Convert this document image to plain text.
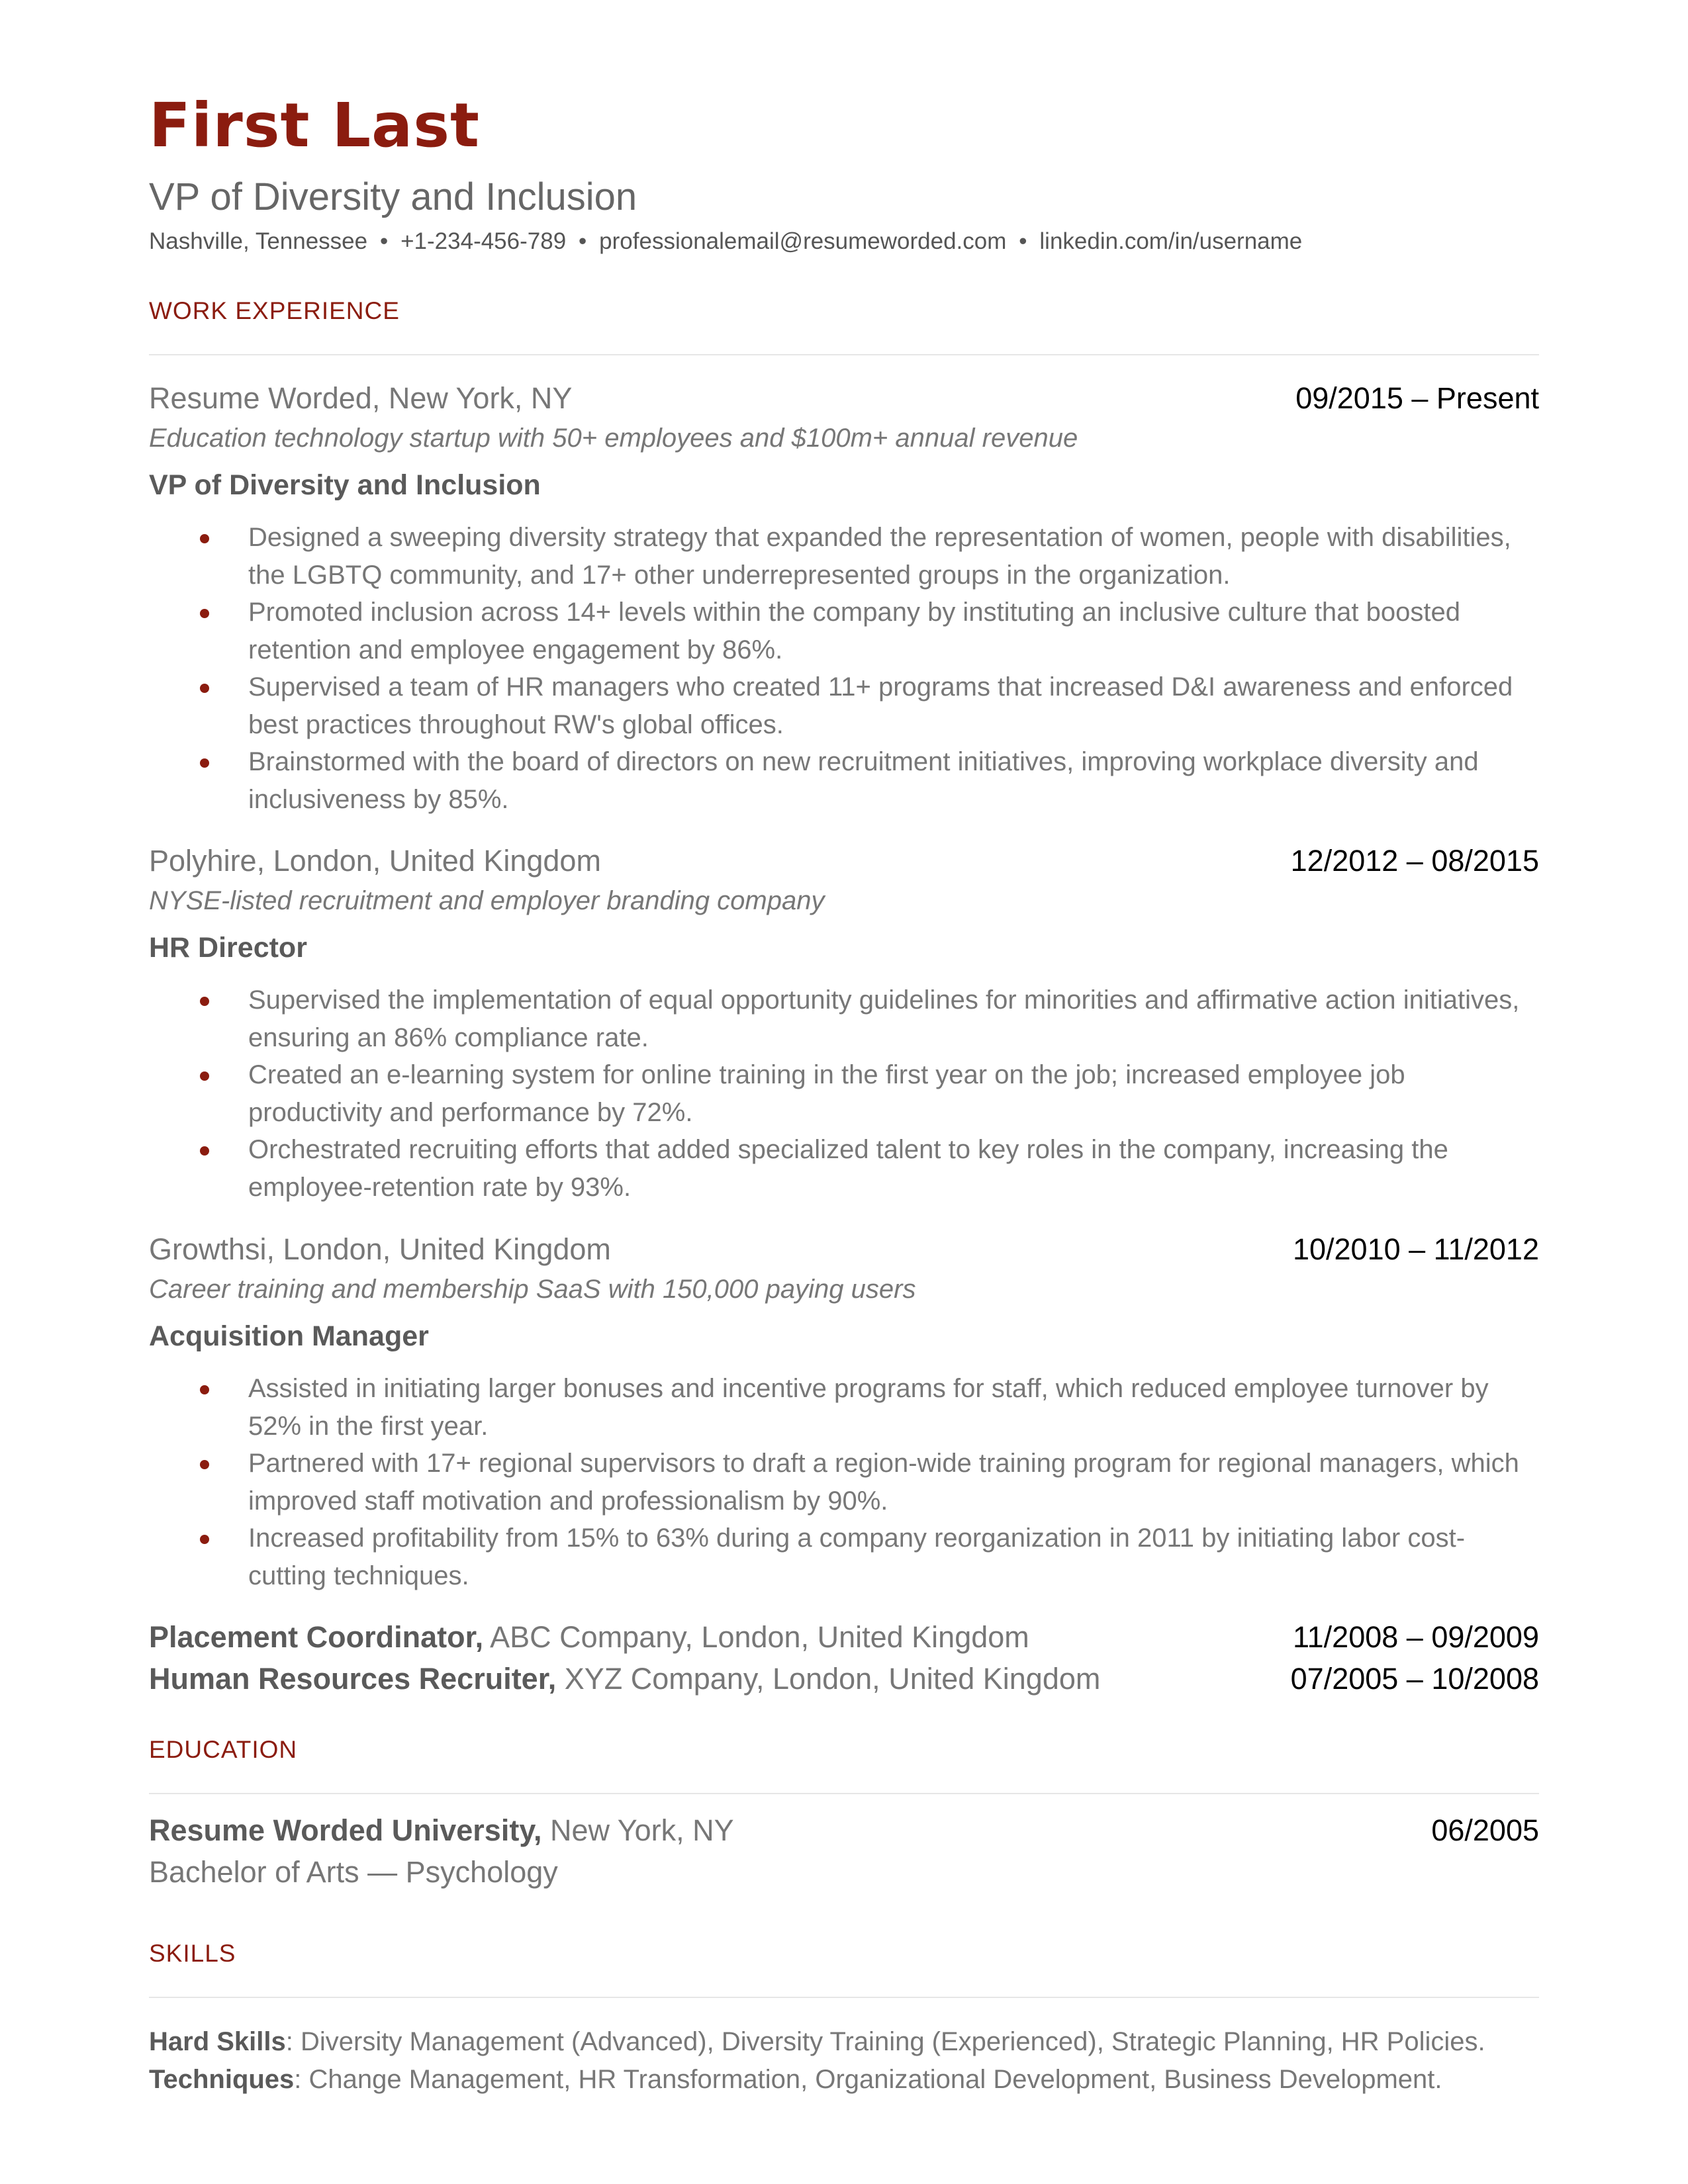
First Last
VP of Diversity and Inclusion
Nashville, Tennessee • +1-234-456-789 • professionalemail@resumeworded.com • linkedin.com/in/username
WORK EXPERIENCE
Resume Worded, New York, NY	09/2015 – Present
Education technology startup with 50+ employees and $100m+ annual revenue
VP of Diversity and Inclusion
Designed a sweeping diversity strategy that expanded the representation of women, people with disabilities, the LGBTQ community, and 17+ other underrepresented groups in the organization.
Promoted inclusion across 14+ levels within the company by instituting an inclusive culture that boosted retention and employee engagement by 86%.
Supervised a team of HR managers who created 11+ programs that increased D&I awareness and enforced best practices throughout RW's global offices.
Brainstormed with the board of directors on new recruitment initiatives, improving workplace diversity and inclusiveness by 85%.
Polyhire, London, United Kingdom	12/2012 – 08/2015
NYSE-listed recruitment and employer branding company
HR Director
Supervised the implementation of equal opportunity guidelines for minorities and affirmative action initiatives, ensuring an 86% compliance rate.
Created an e-learning system for online training in the first year on the job; increased employee job productivity and performance by 72%.
Orchestrated recruiting efforts that added specialized talent to key roles in the company, increasing the employee-retention rate by 93%.
Growthsi, London, United Kingdom	10/2010 – 11/2012
Career training and membership SaaS with 150,000 paying users
Acquisition Manager
Assisted in initiating larger bonuses and incentive programs for staff, which reduced employee turnover by 52% in the first year.
Partnered with 17+ regional supervisors to draft a region-wide training program for regional managers, which improved staff motivation and professionalism by 90%.
Increased profitability from 15% to 63% during a company reorganization in 2011 by initiating labor cost-cutting techniques.
Placement Coordinator, ABC Company, London, United Kingdom	11/2008 – 09/2009
Human Resources Recruiter, XYZ Company, London, United Kingdom	07/2005 – 10/2008
EDUCATION
Resume Worded University, New York, NY	06/2005
Bachelor of Arts — Psychology
SKILLS
Hard Skills: Diversity Management (Advanced), Diversity Training (Experienced), Strategic Planning, HR Policies.
Techniques: Change Management, HR Transformation, Organizational Development, Business Development.
